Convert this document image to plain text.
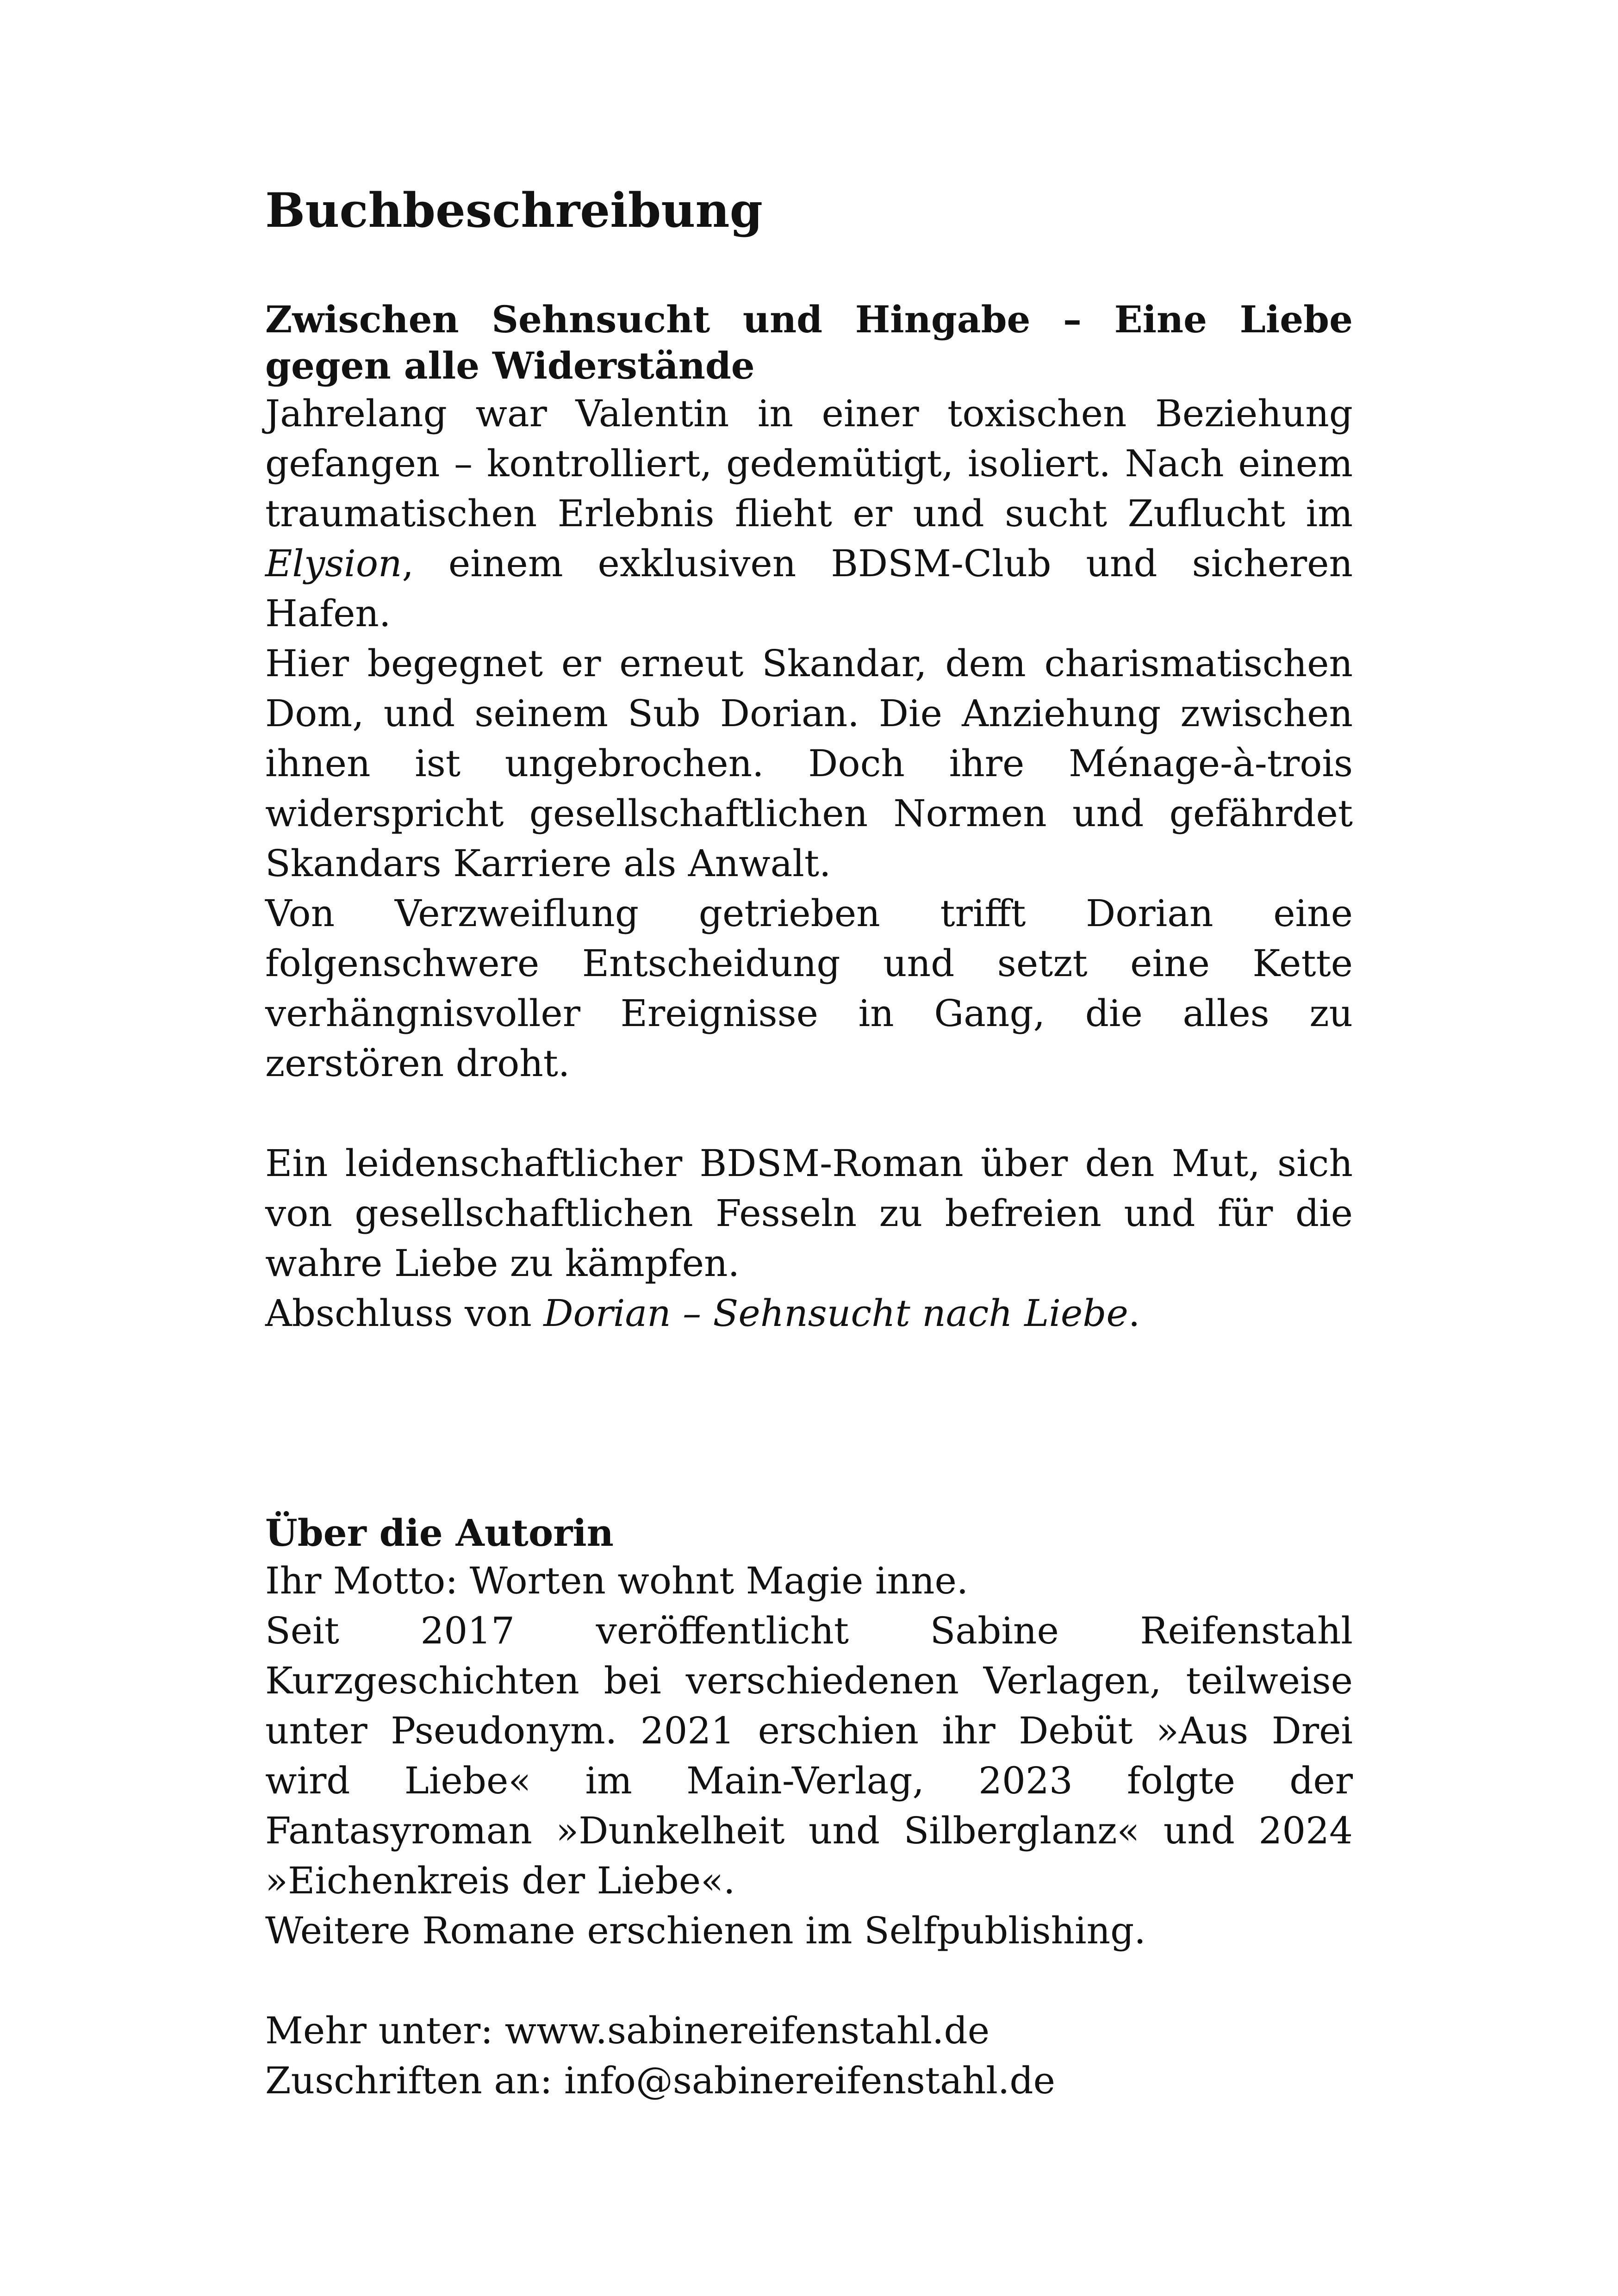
Buchbeschreibung
Zwischen Sehnsucht und Hingabe – Eine Liebe gegen alle Widerstände

Jahrelang war Valentin in einer toxischen Beziehung gefangen – kontrolliert, gedemütigt, isoliert. Nach einem traumatischen Erlebnis flieht er und sucht Zuflucht im Elysion, einem exklusiven BDSM-Club und sicheren Hafen.

Hier begegnet er erneut Skandar, dem charismatischen Dom, und seinem Sub Dorian. Die Anziehung zwischen ihnen ist ungebrochen. Doch ihre Ménage-à-trois widerspricht gesellschaftlichen Normen und gefährdet Skandars Karriere als Anwalt.

Von Verzweiflung getrieben trifft Dorian eine folgenschwere Entscheidung und setzt eine Kette verhängnisvoller Ereignisse in Gang, die alles zu zerstören droht.

Ein leidenschaftlicher BDSM-Roman über den Mut, sich von gesellschaftlichen Fesseln zu befreien und für die wahre Liebe zu kämpfen.

Abschluss von Dorian – Sehnsucht nach Liebe.

Über die Autorin

Ihr Motto: Worten wohnt Magie inne.

Seit 2017 veröffentlicht Sabine Reifenstahl Kurzgeschichten bei verschiedenen Verlagen, teilweise unter Pseudonym. 2021 erschien ihr Debüt »Aus Drei wird Liebe« im Main-Verlag, 2023 folgte der Fantasyroman »Dunkelheit und Silberglanz« und 2024 »Eichenkreis der Liebe«.

Weitere Romane erschienen im Selfpublishing.

Mehr unter: www.sabinereifenstahl.de

Zuschriften an: info@sabinereifenstahl.de
